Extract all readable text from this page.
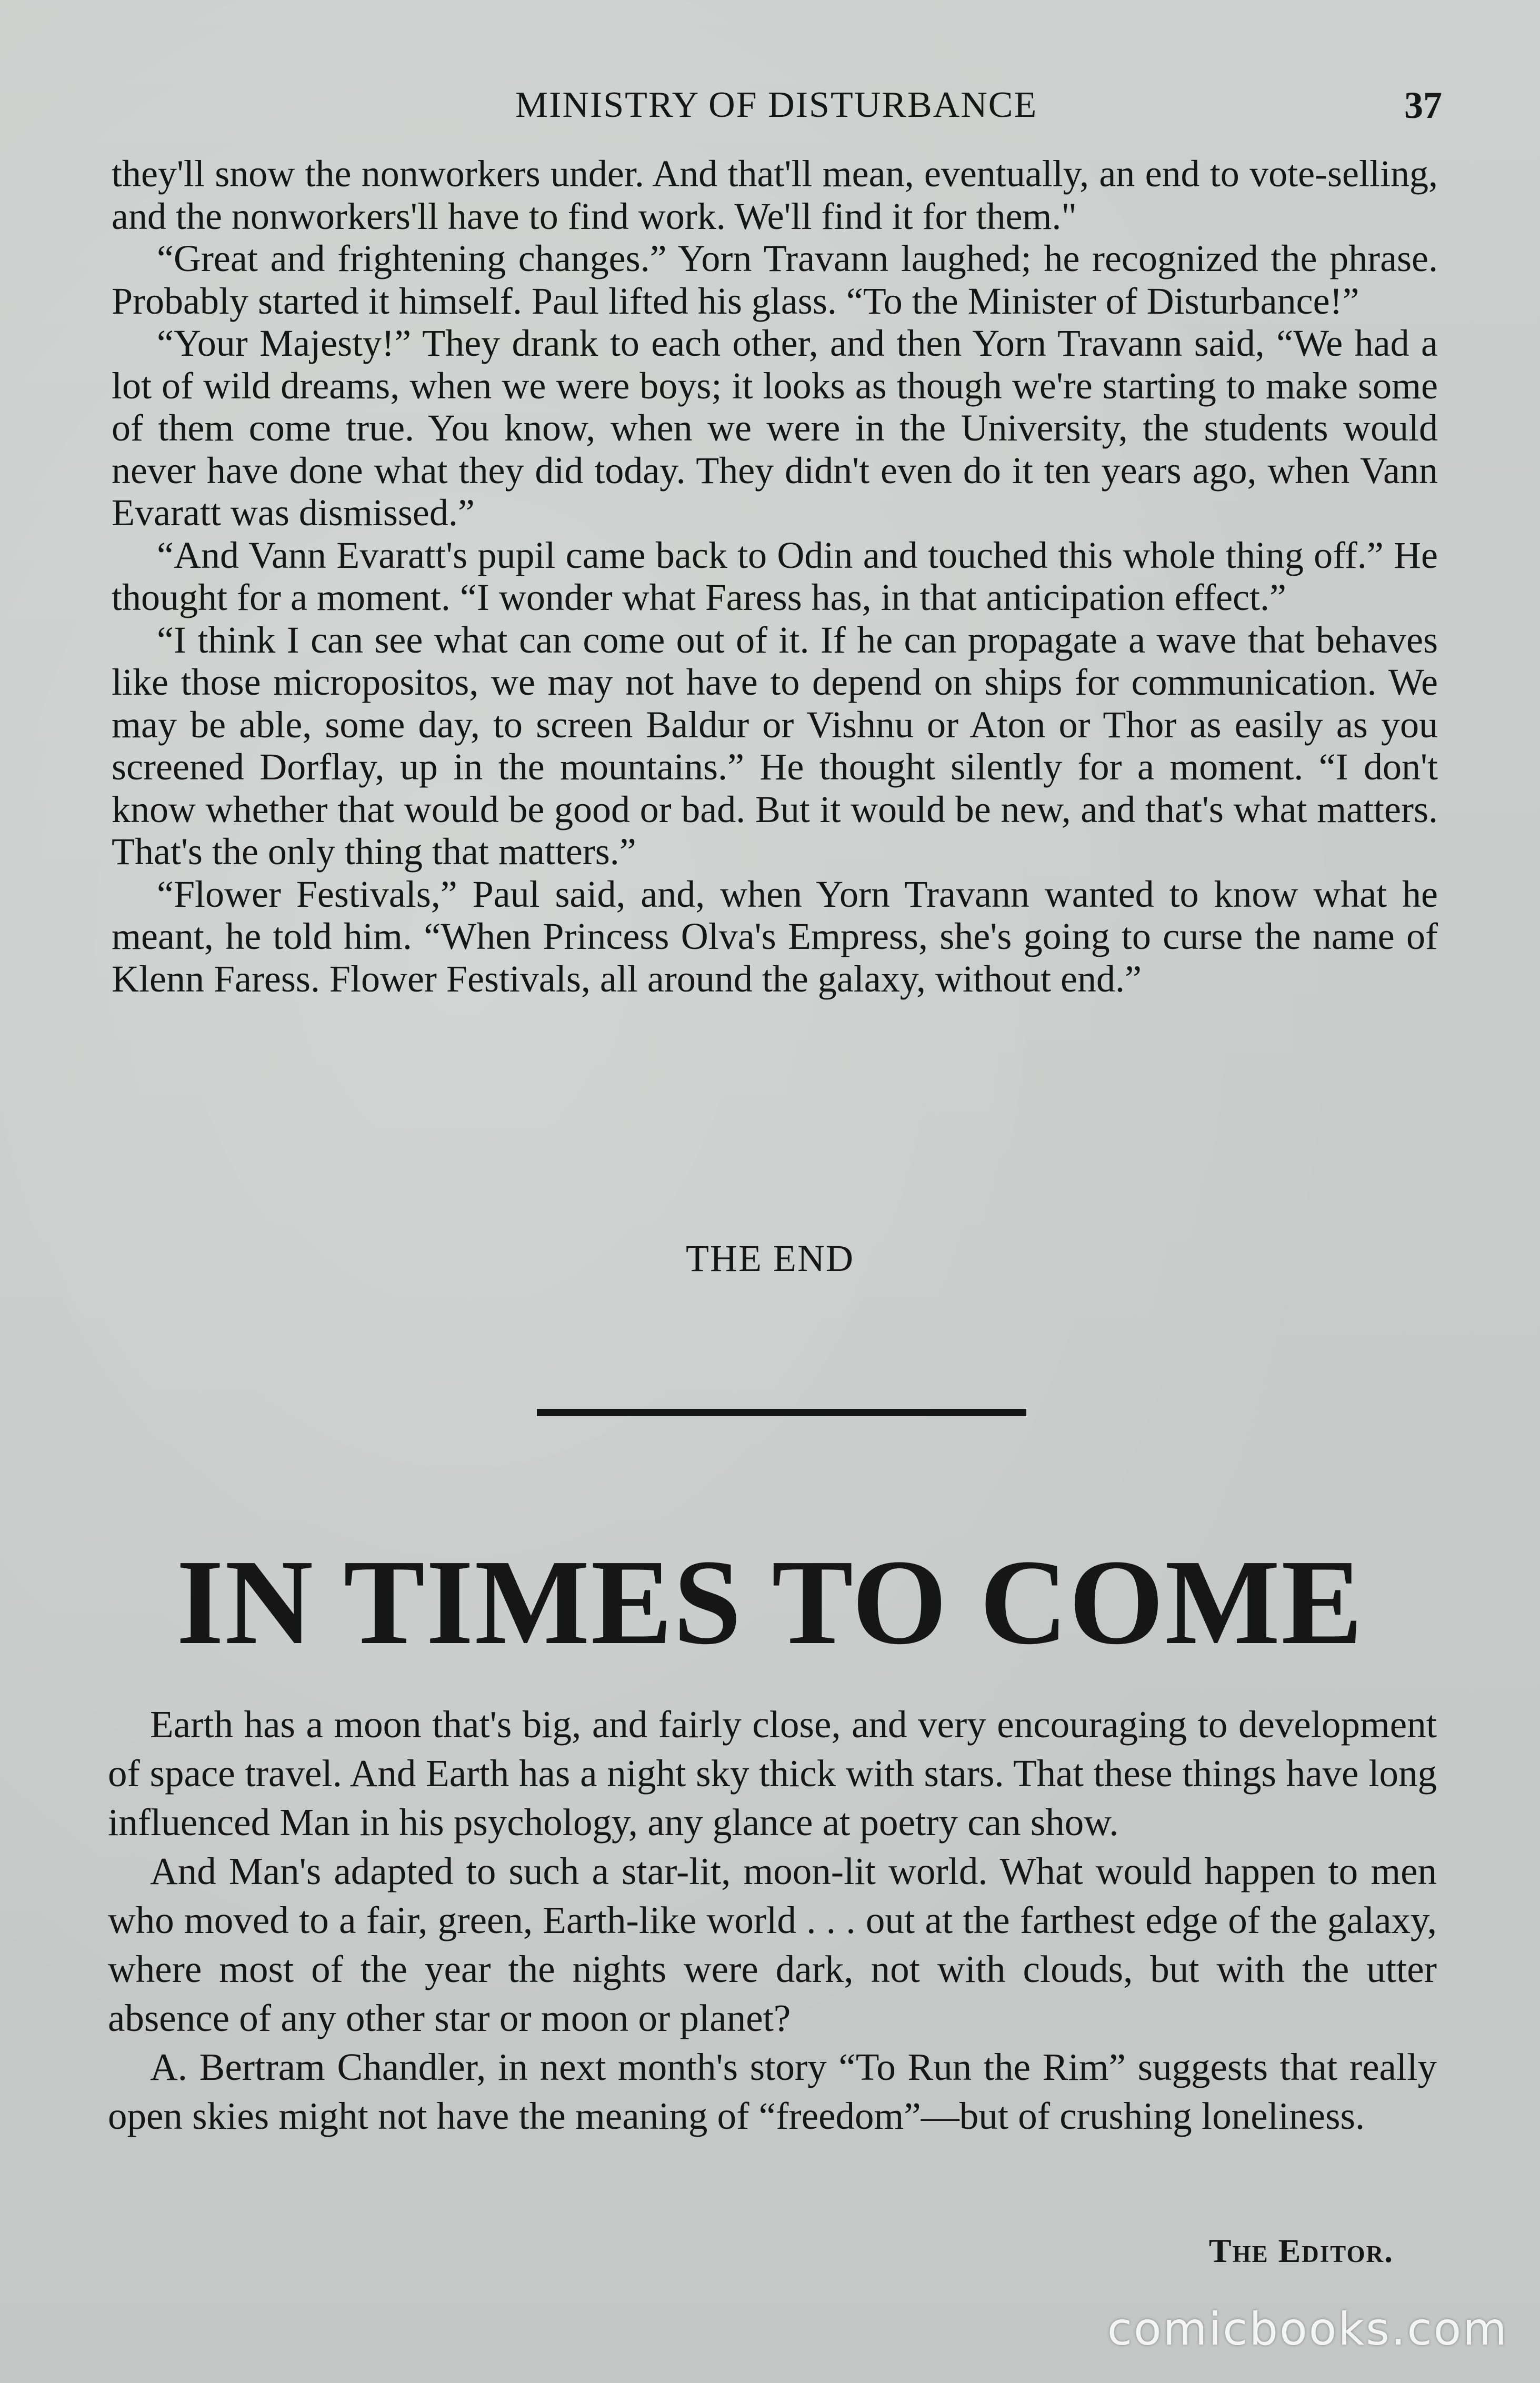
MINISTRY OF DISTURBANCE	37

they'll snow the nonworkers under. And that'll mean, eventually, an end to vote-selling, and the nonworkers'll have to find work. We'll find it for them."

“Great and frightening changes.” Yorn Travann laughed; he recognized the phrase. Probably started it himself. Paul lifted his glass. “To the Minister of Disturbance!”

“Your Majesty!” They drank to each other, and then Yorn Travann said, “We had a lot of wild dreams, when we were boys; it looks as though we're starting to make some of them come true. You know, when we were in the University, the students would never have done what they did today. They didn't even do it ten years ago, when Vann Evaratt was dismissed.”

“And Vann Evaratt's pupil came back to Odin and touched this whole thing off.” He thought for a moment. “I wonder what Faress has, in that anticipation effect.”

“I think I can see what can come out of it. If he can propagate a wave that behaves like those micropositos, we may not have to depend on ships for communication. We may be able, some day, to screen Baldur or Vishnu or Aton or Thor as easily as you screened Dorflay, up in the mountains.” He thought silently for a moment. “I don't know whether that would be good or bad. But it would be new, and that's what matters. That's the only thing that matters.”

“Flower Festivals,” Paul said, and, when Yorn Travann wanted to know what he meant, he told him. “When Princess Olva's Empress, she's going to curse the name of Klenn Faress. Flower Festivals, all around the galaxy, without end.”

THE END
IN TIMES TO COME

Earth has a moon that's big, and fairly close, and very encouraging to development of space travel. And Earth has a night sky thick with stars. That these things have long influenced Man in his psychology, any glance at poetry can show.

And Man's adapted to such a star-lit, moon-lit world. What would happen to men who moved to a fair, green, Earth-like world . . . out at the farthest edge of the galaxy, where most of the year the nights were dark, not with clouds, but with the utter absence of any other star or moon or planet?

A. Bertram Chandler, in next month's story “To Run the Rim” suggests that really open skies might not have the meaning of “freedom”—but of crushing loneliness.

The Editor.
comicbooks.com
